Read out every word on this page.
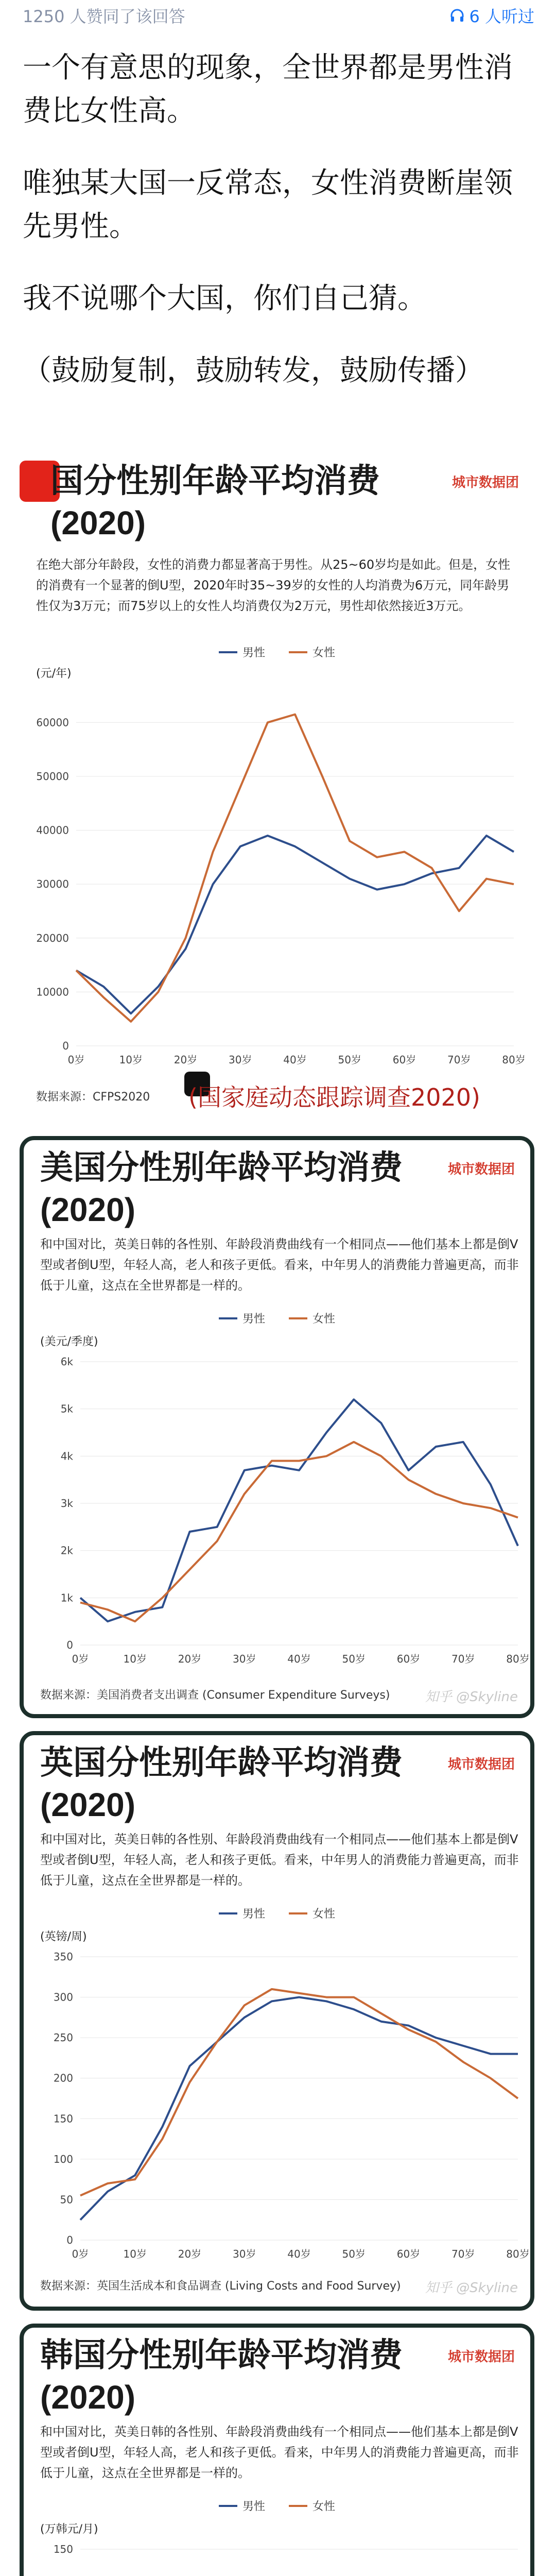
1250 人赞同了该回答	6 人听过

一个有意思的现象，全世界都是男性消费比女性高。

唯独某大国一反常态，女性消费断崖领先男性。

我不说哪个大国，你们自己猜。

（鼓励复制，鼓励转发，鼓励传播）

国分性别年龄平均消费
(2020)
城市数据团
在绝大部分年龄段，女性的消费力都显著高于男性。从25~60岁均是如此。但是，女性的消费有一个显著的倒U型，2020年时35~39岁的女性的人均消费为6万元，同年龄男性仅为3万元；而75岁以上的女性人均消费仅为2万元，男性却依然接近3万元。
男性	女性
(元/年)
0
10000
20000
30000
40000
50000
60000
0岁	10岁	20岁	30岁	40岁	50岁	60岁	70岁	80岁
数据来源：CFPS2020 (国家庭动态跟踪调查2020)
美国分性别年龄平均消费
(2020)
城市数据团
和中国对比，英美日韩的各性别、年龄段消费曲线有一个相同点——他们基本上都是倒V型或者倒U型，年轻人高，老人和孩子更低。看来，中年男人的消费能力普遍更高，而非低于儿童，这点在全世界都是一样的。
男性	女性
(美元/季度)
0
1k
2k
3k
4k
5k
6k
0岁	10岁	20岁	30岁	40岁	50岁	60岁	70岁	80岁
数据来源：美国消费者支出调查 (Consumer Expenditure Surveys)	知乎 @Skyline
英国分性别年龄平均消费
(2020)
城市数据团
和中国对比，英美日韩的各性别、年龄段消费曲线有一个相同点——他们基本上都是倒V型或者倒U型，年轻人高，老人和孩子更低。看来，中年男人的消费能力普遍更高，而非低于儿童，这点在全世界都是一样的。
男性	女性
(英镑/周)
0
50
100
150
200
250
300
350
0岁	10岁	20岁	30岁	40岁	50岁	60岁	70岁	80岁
数据来源：英国生活成本和食品调查 (Living Costs and Food Survey) 知乎 @Skyline
韩国分性别年龄平均消费
(2020)
城市数据团
和中国对比，英美日韩的各性别、年龄段消费曲线有一个相同点——他们基本上都是倒V型或者倒U型，年轻人高，老人和孩子更低。看来，中年男人的消费能力普遍更高，而非低于儿童，这点在全世界都是一样的。
男性	女性
(万韩元/月)
150
